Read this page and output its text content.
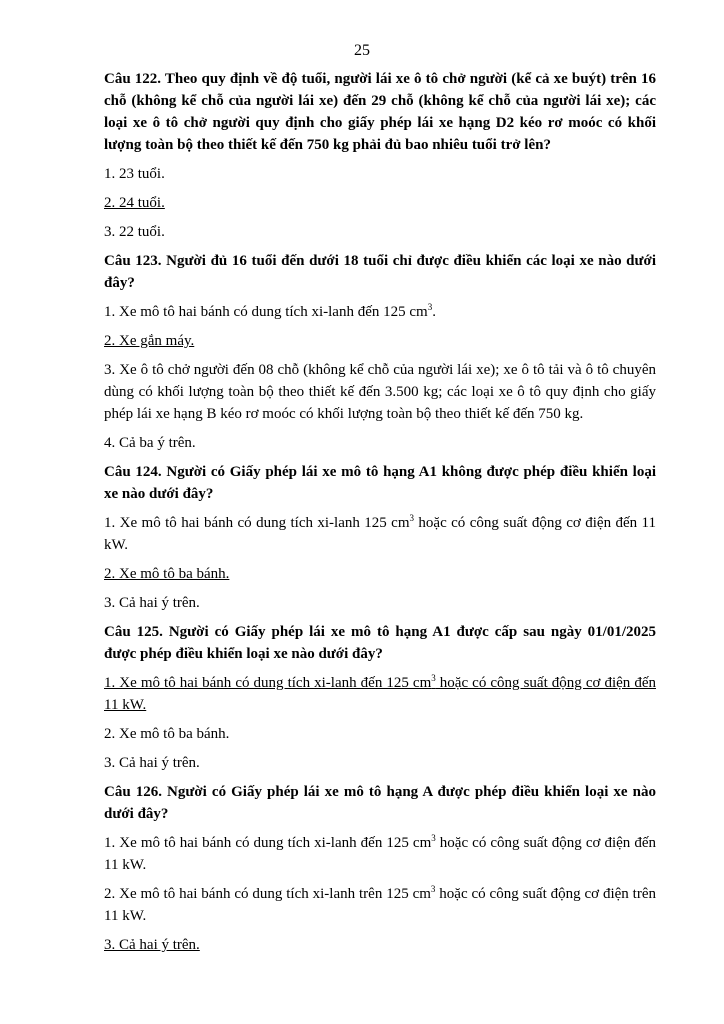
25

Câu 122. Theo quy định về độ tuổi, người lái xe ô tô chở người (kể cả xe buýt) trên 16 chỗ (không kể chỗ của người lái xe) đến 29 chỗ (không kể chỗ của người lái xe); các loại xe ô tô chở người quy định cho giấy phép lái xe hạng D2 kéo rơ moóc có khối lượng toàn bộ theo thiết kế đến 750 kg phải đủ bao nhiêu tuổi trở lên?

1. 23 tuổi.

2. 24 tuổi.

3. 22 tuổi.

Câu 123. Người đủ 16 tuổi đến dưới 18 tuổi chỉ được điều khiển các loại xe nào dưới đây?

1. Xe mô tô hai bánh có dung tích xi-lanh đến 125 $cm^3$.

2. Xe gắn máy.

3. Xe ô tô chở người đến 08 chỗ (không kể chỗ của người lái xe); xe ô tô tải và ô tô chuyên dùng có khối lượng toàn bộ theo thiết kế đến 3.500 kg; các loại xe ô tô quy định cho giấy phép lái xe hạng B kéo rơ moóc có khối lượng toàn bộ theo thiết kế đến 750 kg.

4. Cả ba ý trên.

Câu 124. Người có Giấy phép lái xe mô tô hạng A1 không được phép điều khiển loại xe nào dưới đây?

1. Xe mô tô hai bánh có dung tích xi-lanh 125 $cm^3$ hoặc có công suất động cơ điện đến 11 kW.

2. Xe mô tô ba bánh.

3. Cả hai ý trên.

Câu 125. Người có Giấy phép lái xe mô tô hạng A1 được cấp sau ngày 01/01/2025 được phép điều khiển loại xe nào dưới đây?

1. Xe mô tô hai bánh có dung tích xi-lanh đến 125 $cm^3$ hoặc có công suất động cơ điện đến 11 kW.

2. Xe mô tô ba bánh.

3. Cả hai ý trên.

Câu 126. Người có Giấy phép lái xe mô tô hạng A được phép điều khiển loại xe nào dưới đây?

1. Xe mô tô hai bánh có dung tích xi-lanh đến 125 $cm^3$ hoặc có công suất động cơ điện đến 11 kW.

2. Xe mô tô hai bánh có dung tích xi-lanh trên 125 $cm^3$ hoặc có công suất động cơ điện trên 11 kW.

3. Cả hai ý trên.
